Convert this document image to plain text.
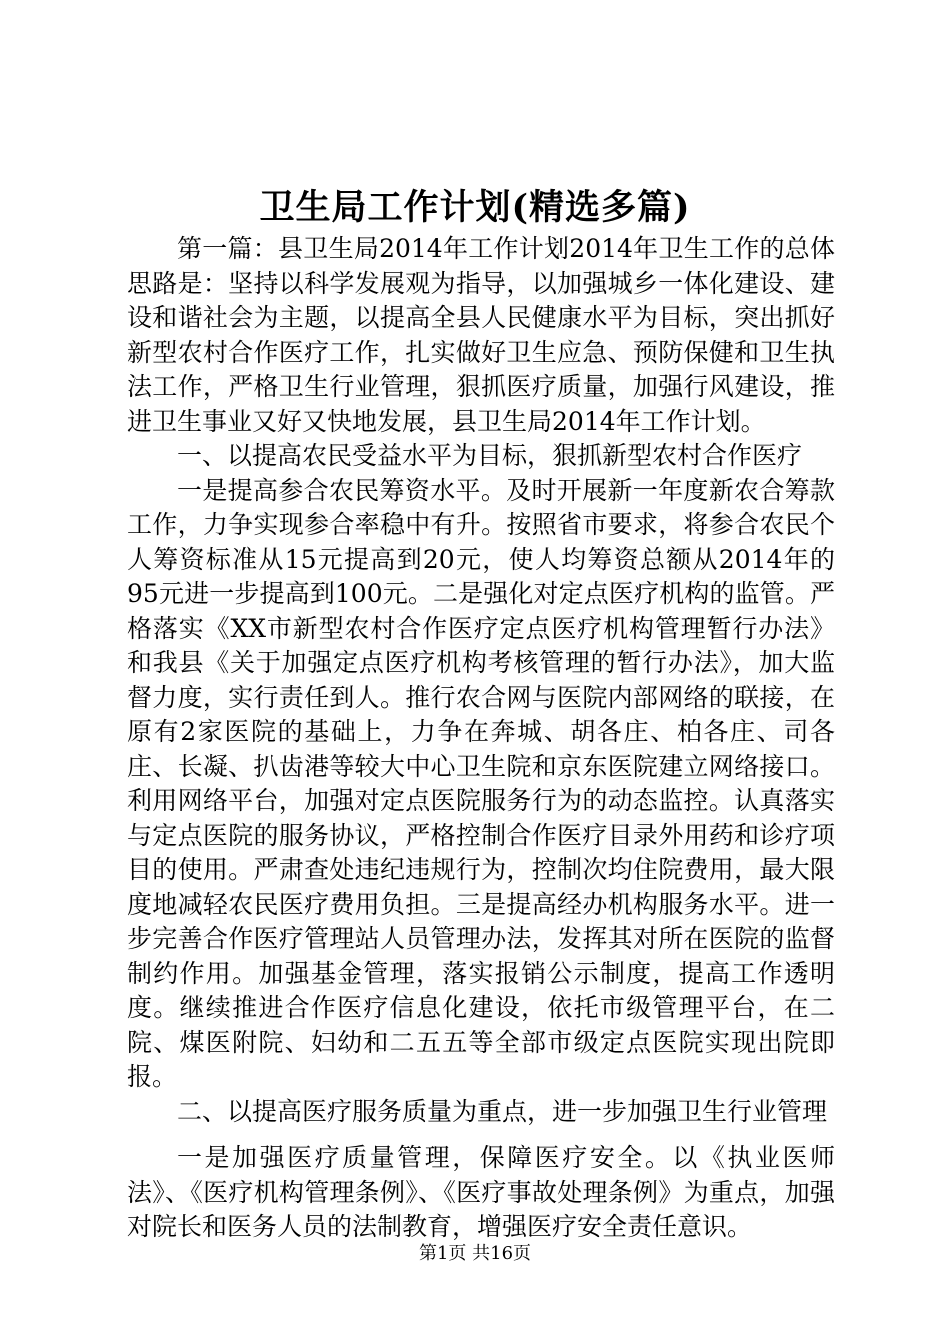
卫生局工作计划(精选多篇)

第一篇：县卫生局2014年工作计划2014年卫生工作的总体思路是：坚持以科学发展观为指导，以加强城乡一体化建设、建设和谐社会为主题，以提高全县人民健康水平为目标，突出抓好新型农村合作医疗工作，扎实做好卫生应急、预防保健和卫生执法工作，严格卫生行业管理，狠抓医疗质量，加强行风建设，推进卫生事业又好又快地发展，县卫生局2014年工作计划。

一、以提高农民受益水平为目标，狠抓新型农村合作医疗

一是提高参合农民筹资水平。及时开展新一年度新农合筹款工作，力争实现参合率稳中有升。按照省市要求，将参合农民个人筹资标准从15元提高到20元，使人均筹资总额从2014年的95元进一步提高到100元。二是强化对定点医疗机构的监管。严格落实《XX市新型农村合作医疗定点医疗机构管理暂行办法》和我县《关于加强定点医疗机构考核管理的暂行办法》，加大监督力度，实行责任到人。推行农合网与医院内部网络的联接，在原有2家医院的基础上，力争在奔城、胡各庄、柏各庄、司各庄、长凝、扒齿港等较大中心卫生院和京东医院建立网络接口。利用网络平台，加强对定点医院服务行为的动态监控。认真落实与定点医院的服务协议，严格控制合作医疗目录外用药和诊疗项目的使用。严肃查处违纪违规行为，控制次均住院费用，最大限度地减轻农民医疗费用负担。三是提高经办机构服务水平。进一步完善合作医疗管理站人员管理办法，发挥其对所在医院的监督制约作用。加强基金管理，落实报销公示制度，提高工作透明度。继续推进合作医疗信息化建设，依托市级管理平台，在二院、煤医附院、妇幼和二五五等全部市级定点医院实现出院即报。

二、以提高医疗服务质量为重点，进一步加强卫生行业管理

一是加强医疗质量管理，保障医疗安全。以《执业医师法》、《医疗机构管理条例》、《医疗事故处理条例》为重点，加强对院长和医务人员的法制教育，增强医疗安全责任意识。

第1页 共16页
